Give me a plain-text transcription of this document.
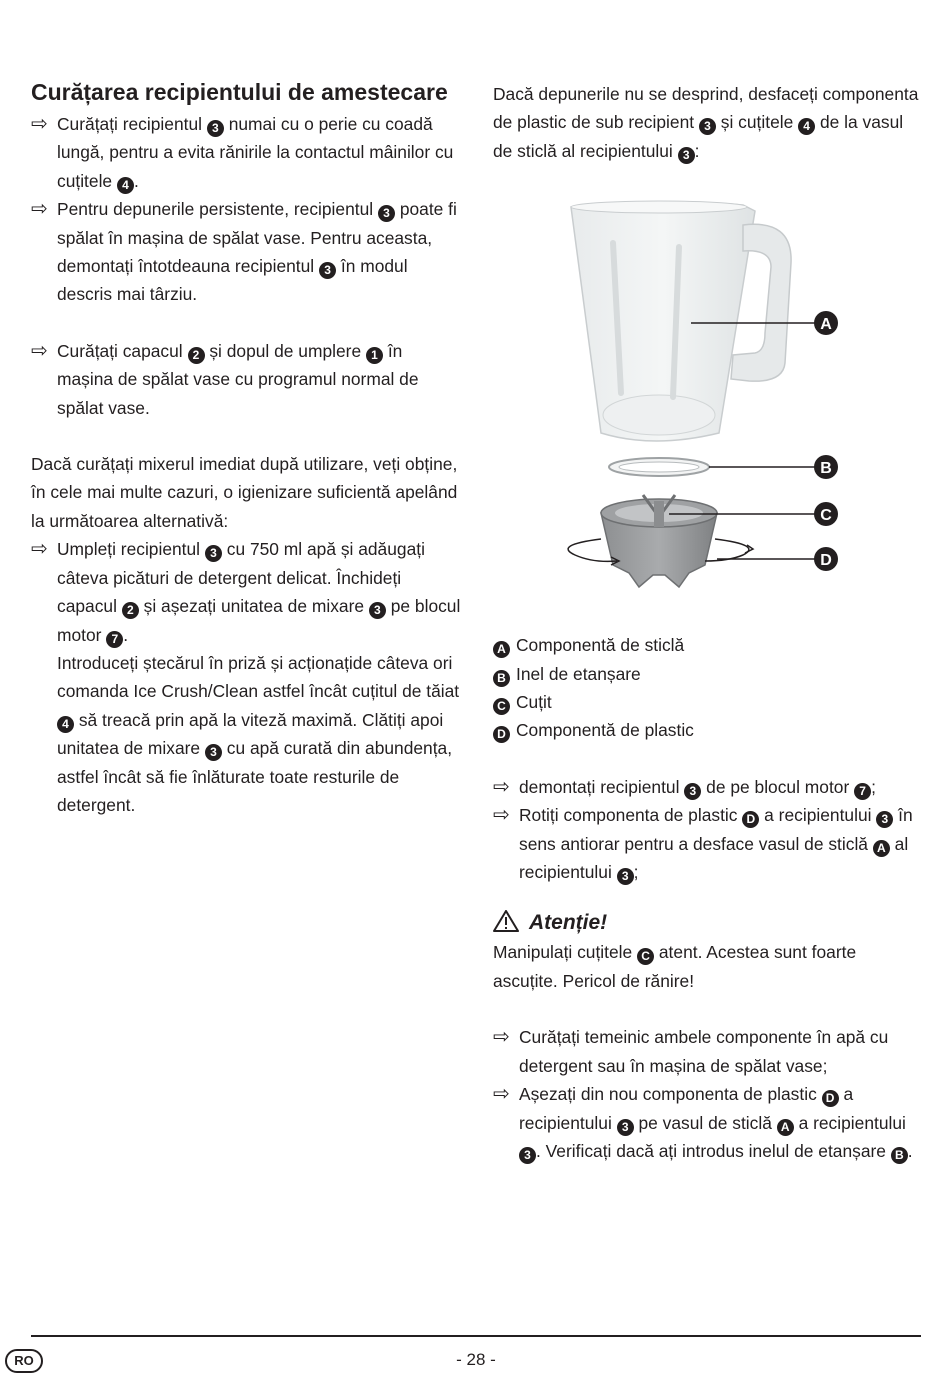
Curățarea recipientului de amestecare
⇨ Curățați recipientul 3 numai cu o perie cu coadă lungă, pentru a evita rănirile la contactul mâinilor cu cuțitele 4 .
⇨ Pentru depunerile persistente, recipientul 3 poate fi spălat în mașina de spălat vase. Pentru aceasta, demontați întotdeauna recipientul 3 în modul descris mai târziu.
⇨ Curățați capacul 2 și dopul de umplere 1 în mașina de spălat vase cu programul normal de spălat vase.

Dacă curățați mixerul imediat după utilizare, veți obține, în cele mai multe cazuri, o igienizare suficientă apelând la următoarea alternativă:

⇨ Umpleți recipientul 3 cu 750 ml apă și adăugați câteva picături de detergent delicat. Închideți capacul 2 și așezați unitatea de mixare 3 pe blocul motor 7 .
Introduceți ștecărul în priză și acționațide câteva ori comanda Ice Crush/Clean astfel încât cuțitul de tăiat 4 să treacă prin apă la viteză maximă. Clătiți apoi unitatea de mixare 3 cu apă curată din abundența, astfel încât să fie înlăturate toate resturile de detergent.

Dacă depunerile nu se desprind, desfaceți componenta de plastic de sub recipient 3 și cuțitele 4 de la vasul de sticlă al recipientului 3 :

A
B
C
D
A Componentă de sticlă
B Inel de etanșare
C Cuțit
D Componentă de plastic
⇨ demontați recipientul 3 de pe blocul motor 7 ;
⇨ Rotiți componenta de plastic D a recipientului 3 în sens antiorar pentru a desface vasul de sticlă A al recipientului 3 ;
Atenție!

Manipulați cuțitele C atent. Acestea sunt foarte ascuțite. Pericol de rănire!

⇨ Curățați temeinic ambele componente în apă cu detergent sau în mașina de spălat vase;
⇨ Așezați din nou componenta de plastic D a recipientului 3 pe vasul de sticlă A a recipientului 3 . Verificați dacă ați introdus inelul de etanșare B .
RO	- 28 -
